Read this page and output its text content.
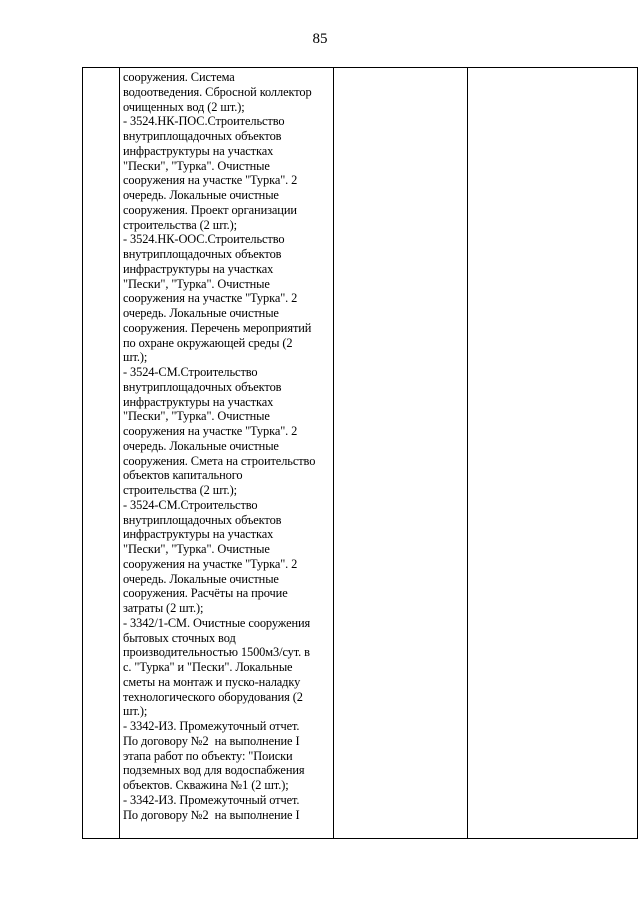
85

сооружения. Система
водоотведения. Сбросной коллектор
очищенных вод (2 шт.);
- 3524.НК-ПОС.Строительство
внутриплощадочных объектов
инфраструктуры на участках
"Пески", "Турка". Очистные
сооружения на участке "Турка". 2
очередь. Локальные очистные
сооружения. Проект организации
строительства (2 шт.);
- 3524.НК-ООС.Строительство
внутриплощадочных объектов
инфраструктуры на участках
"Пески", "Турка". Очистные
сооружения на участке "Турка". 2
очередь. Локальные очистные
сооружения. Перечень мероприятий
по охране окружающей среды (2
шт.);
- 3524-СМ.Строительство
внутриплощадочных объектов
инфраструктуры на участках
"Пески", "Турка". Очистные
сооружения на участке "Турка". 2
очередь. Локальные очистные
сооружения. Смета на строительство
объектов капитального
строительства (2 шт.);
- 3524-СМ.Строительство
внутриплощадочных объектов
инфраструктуры на участках
"Пески", "Турка". Очистные
сооружения на участке "Турка". 2
очередь. Локальные очистные
сооружения. Расчёты на прочие
затраты (2 шт.);
- 3342/1-СМ. Очистные сооружения
бытовых сточных вод
производительностью 1500м3/сут. в
с. "Турка" и "Пески". Локальные
сметы на монтаж и пуско-наладку
технологического оборудования (2
шт.);
- 3342-ИЗ. Промежуточный отчет.
По договору №2  на выполнение I
этапа работ по объекту: "Поиски
подземных вод для водоспабжения
объектов. Скважина №1 (2 шт.);
- 3342-ИЗ. Промежуточный отчет.
По договору №2  на выполнение I
